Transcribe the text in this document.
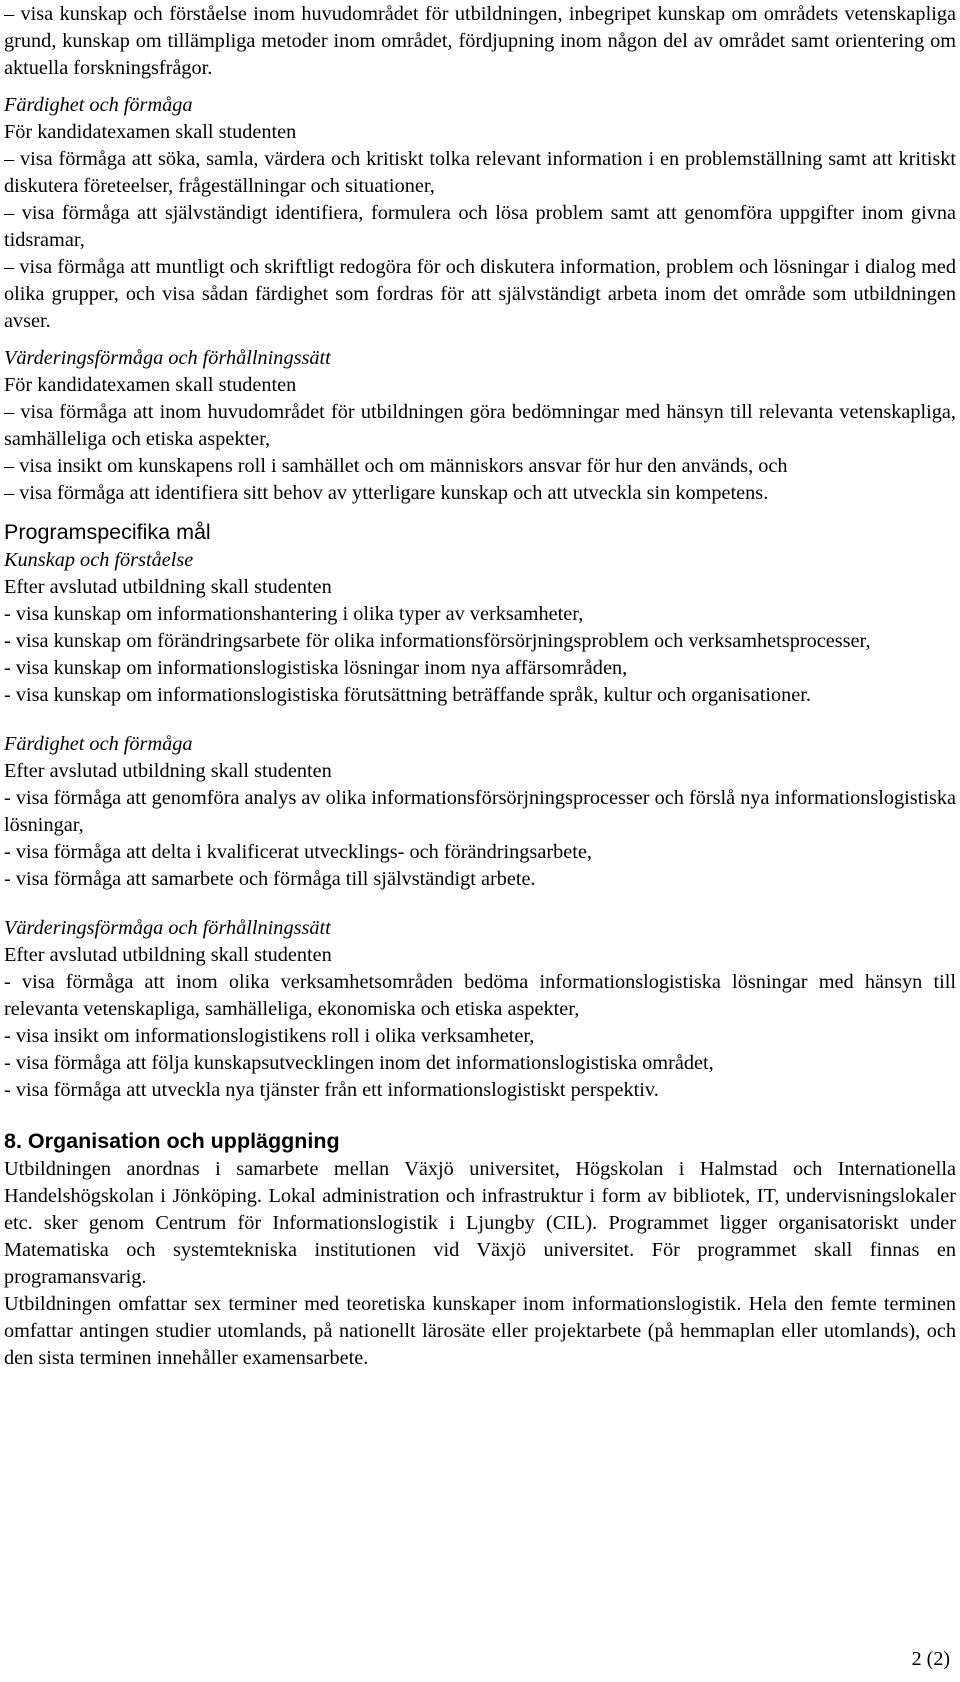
– visa kunskap och förståelse inom huvudområdet för utbildningen, inbegripet kunskap om områdets vetenskapliga grund, kunskap om tillämpliga metoder inom området, fördjupning inom någon del av området samt orientering om aktuella forskningsfrågor.

Färdighet och förmåga

För kandidatexamen skall studenten

– visa förmåga att söka, samla, värdera och kritiskt tolka relevant information i en problemställning samt att kritiskt diskutera företeelser, frågeställningar och situationer,

– visa förmåga att självständigt identifiera, formulera och lösa problem samt att genomföra uppgifter inom givna tidsramar,

– visa förmåga att muntligt och skriftligt redogöra för och diskutera information, problem och lösningar i dialog med olika grupper, och visa sådan färdighet som fordras för att självständigt arbeta inom det område som utbildningen avser.

Värderingsförmåga och förhållningssätt

För kandidatexamen skall studenten

– visa förmåga att inom huvudområdet för utbildningen göra bedömningar med hänsyn till relevanta vetenskapliga, samhälleliga och etiska aspekter,

– visa insikt om kunskapens roll i samhället och om människors ansvar för hur den används, och

– visa förmåga att identifiera sitt behov av ytterligare kunskap och att utveckla sin kompetens.

Programspecifika mål

Kunskap och förståelse

Efter avslutad utbildning skall studenten

- visa kunskap om informationshantering i olika typer av verksamheter,

- visa kunskap om förändringsarbete för olika informationsförsörjningsproblem och verksamhetsprocesser,

- visa kunskap om informationslogistiska lösningar inom nya affärsområden,

- visa kunskap om informationslogistiska förutsättning beträffande språk, kultur och organisationer.

Färdighet och förmåga

Efter avslutad utbildning skall studenten

- visa förmåga att genomföra analys av olika informationsförsörjningsprocesser och förslå nya informationslogistiska lösningar,

- visa förmåga att delta i kvalificerat utvecklings- och förändringsarbete,

- visa förmåga att samarbete och förmåga till självständigt arbete.

Värderingsförmåga och förhållningssätt

Efter avslutad utbildning skall studenten

- visa förmåga att inom olika verksamhetsområden bedöma informationslogistiska lösningar med hänsyn till relevanta vetenskapliga, samhälleliga, ekonomiska och etiska aspekter,

- visa insikt om informationslogistikens roll i olika verksamheter,

- visa förmåga att följa kunskapsutvecklingen inom det informationslogistiska området,

- visa förmåga att utveckla nya tjänster från ett informationslogistiskt perspektiv.

8. Organisation och uppläggning

Utbildningen anordnas i samarbete mellan Växjö universitet, Högskolan i Halmstad och Internationella Handelshögskolan i Jönköping. Lokal administration och infrastruktur i form av bibliotek, IT, undervisningslokaler etc. sker genom Centrum för Informationslogistik i Ljungby (CIL). Programmet ligger organisatoriskt under Matematiska och systemtekniska institutionen vid Växjö universitet. För programmet skall finnas en programansvarig.

Utbildningen omfattar sex terminer med teoretiska kunskaper inom informationslogistik. Hela den femte terminen omfattar antingen studier utomlands, på nationellt lärosäte eller projektarbete (på hemmaplan eller utomlands), och den sista terminen innehåller examensarbete.

2 (2)
